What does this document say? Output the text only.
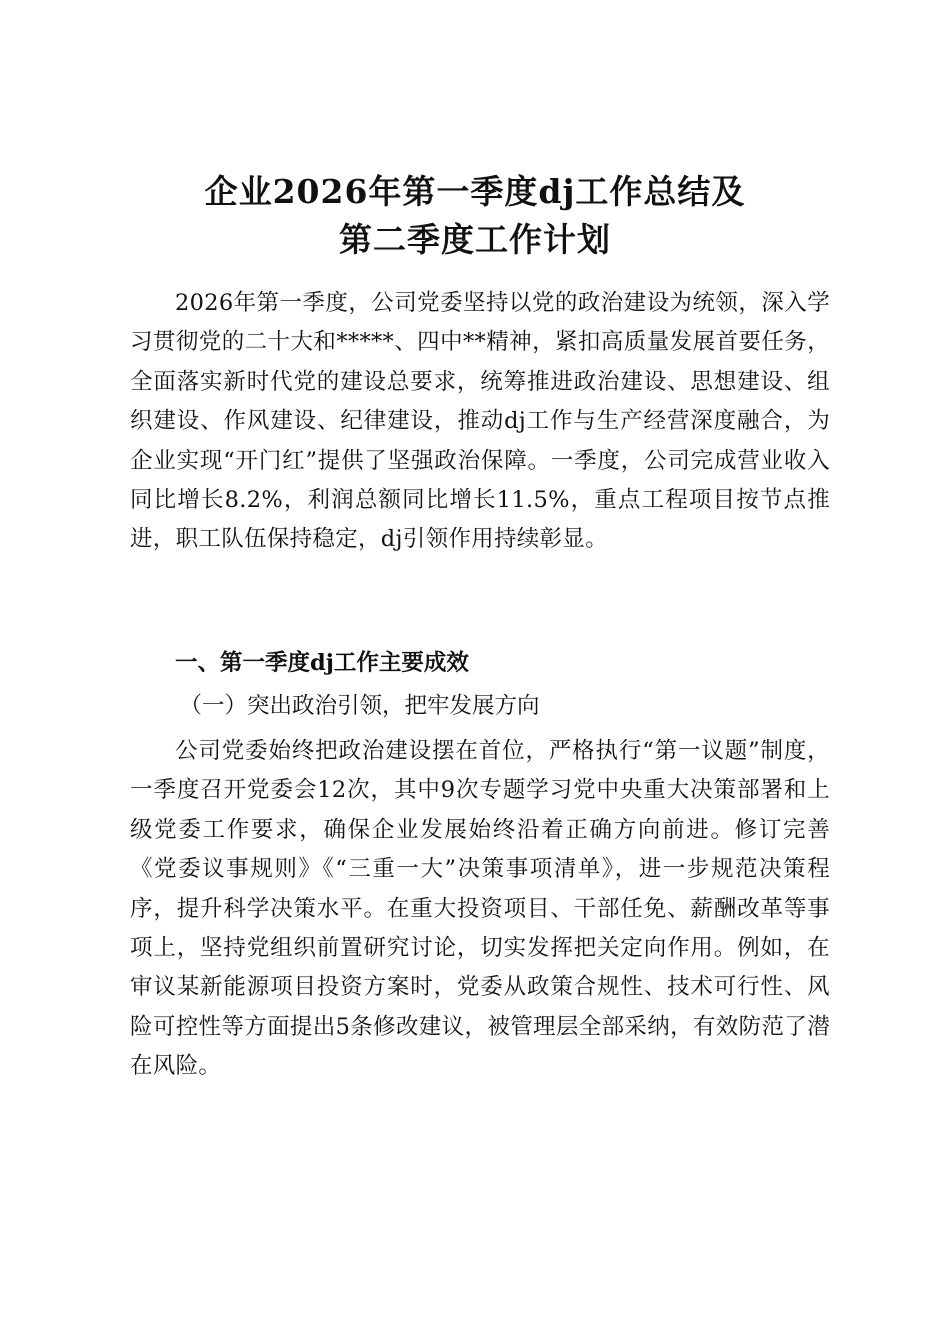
企业2026年第一季度dj工作总结及
第二季度工作计划

2026年第一季度，公司党委坚持以党的政治建设为统领，深入学习贯彻党的二十大和*****、四中**精神，紧扣高质量发展首要任务，全面落实新时代党的建设总要求，统筹推进政治建设、思想建设、组织建设、作风建设、纪律建设，推动dj工作与生产经营深度融合，为企业实现“开门红”提供了坚强政治保障。一季度，公司完成营业收入同比增长8.2%，利润总额同比增长11.5%，重点工程项目按节点推进，职工队伍保持稳定，dj引领作用持续彰显。

一、第一季度dj工作主要成效

（一）突出政治引领，把牢发展方向

公司党委始终把政治建设摆在首位，严格执行“第一议题”制度，一季度召开党委会12次，其中9次专题学习党中央重大决策部署和上级党委工作要求，确保企业发展始终沿着正确方向前进。修订完善《党委议事规则》《“三重一大”决策事项清单》，进一步规范决策程序，提升科学决策水平。在重大投资项目、干部任免、薪酬改革等事项上，坚持党组织前置研究讨论，切实发挥把关定向作用。例如，在审议某新能源项目投资方案时，党委从政策合规性、技术可行性、风险可控性等方面提出5条修改建议，被管理层全部采纳，有效防范了潜在风险。
